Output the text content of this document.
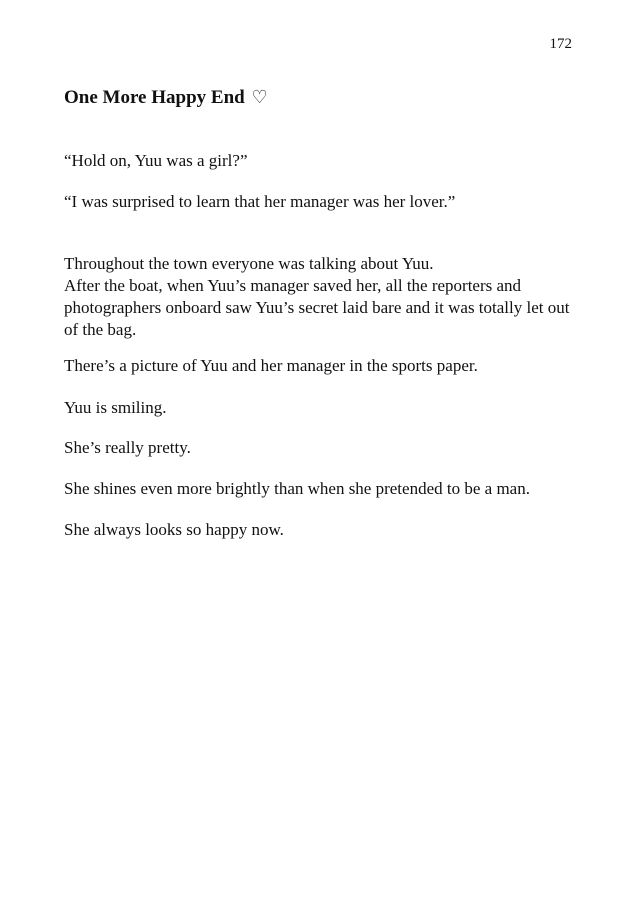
172
One More Happy End ♡

“Hold on, Yuu was a girl?”

“I was surprised to learn that her manager was her lover.”

Throughout the town everyone was talking about Yuu.
After the boat, when Yuu’s manager saved her, all the reporters and
photographers onboard saw Yuu’s secret laid bare and it was totally let out
of the bag.

There’s a picture of Yuu and her manager in the sports paper.

Yuu is smiling.

She’s really pretty.

She shines even more brightly than when she pretended to be a man.

She always looks so happy now.
